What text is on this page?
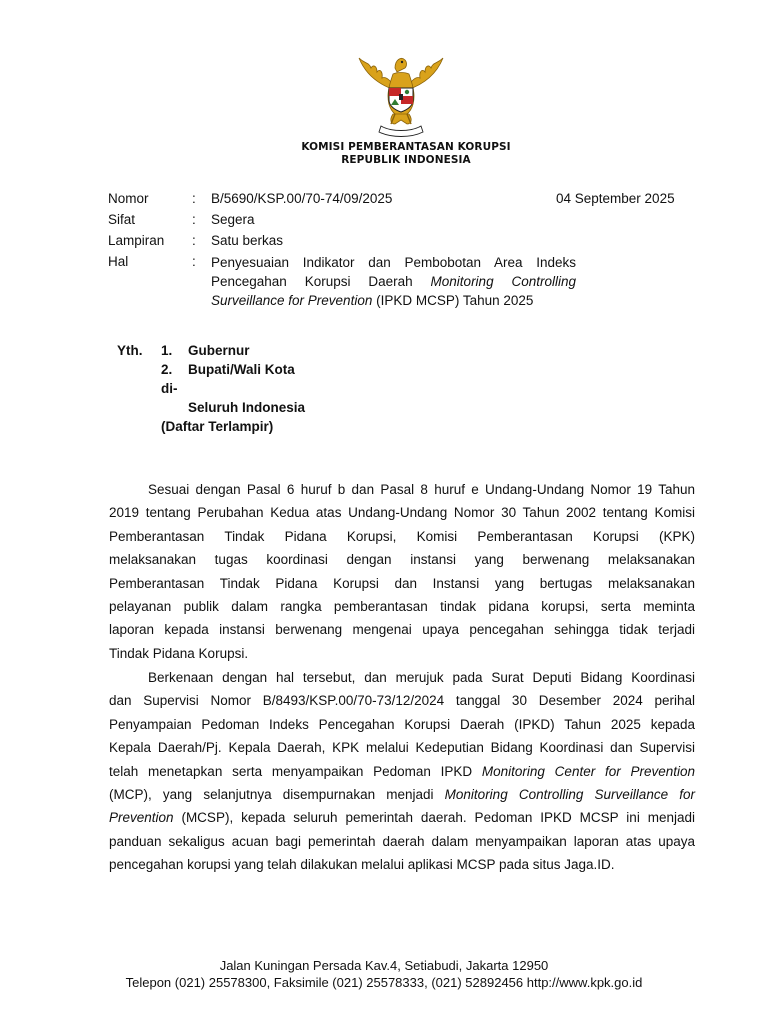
KOMISI PEMBERANTASAN KORUPSI
REPUBLIK INDONESIA
Nomor	: B/5690/KSP.00/70-74/09/2025	04 September 2025
Sifat	: Segera
Lampiran : Satu berkas
Hal	: Penyesuaian Indikator dan Pembobotan Area Indeks
Pencegahan Korupsi Daerah Monitoring Controlling
Surveillance for Prevention (IPKD MCSP) Tahun 2025
Yth. 1. Gubernur
2. Bupati/Wali Kota
di-
Seluruh Indonesia
(Daftar Terlampir)
Sesuai dengan Pasal 6 huruf b dan Pasal 8 huruf e Undang-Undang Nomor 19 Tahun
2019 tentang Perubahan Kedua atas Undang-Undang Nomor 30 Tahun 2002 tentang Komisi
Pemberantasan Tindak Pidana Korupsi, Komisi Pemberantasan Korupsi (KPK)
melaksanakan tugas koordinasi dengan instansi yang berwenang melaksanakan
Pemberantasan Tindak Pidana Korupsi dan Instansi yang bertugas melaksanakan
pelayanan publik dalam rangka pemberantasan tindak pidana korupsi, serta meminta
laporan kepada instansi berwenang mengenai upaya pencegahan sehingga tidak terjadi
Tindak Pidana Korupsi.
Berkenaan dengan hal tersebut, dan merujuk pada Surat Deputi Bidang Koordinasi
dan Supervisi Nomor B/8493/KSP.00/70-73/12/2024 tanggal 30 Desember 2024 perihal
Penyampaian Pedoman Indeks Pencegahan Korupsi Daerah (IPKD) Tahun 2025 kepada
Kepala Daerah/Pj. Kepala Daerah, KPK melalui Kedeputian Bidang Koordinasi dan Supervisi
telah menetapkan serta menyampaikan Pedoman IPKD Monitoring Center for Prevention
(MCP), yang selanjutnya disempurnakan menjadi Monitoring Controlling Surveillance for
Prevention (MCSP), kepada seluruh pemerintah daerah. Pedoman IPKD MCSP ini menjadi
panduan sekaligus acuan bagi pemerintah daerah dalam menyampaikan laporan atas upaya
pencegahan korupsi yang telah dilakukan melalui aplikasi MCSP pada situs Jaga.ID.
Jalan Kuningan Persada Kav.4, Setiabudi, Jakarta 12950
Telepon (021) 25578300, Faksimile (021) 25578333, (021) 52892456 http://www.kpk.go.id
